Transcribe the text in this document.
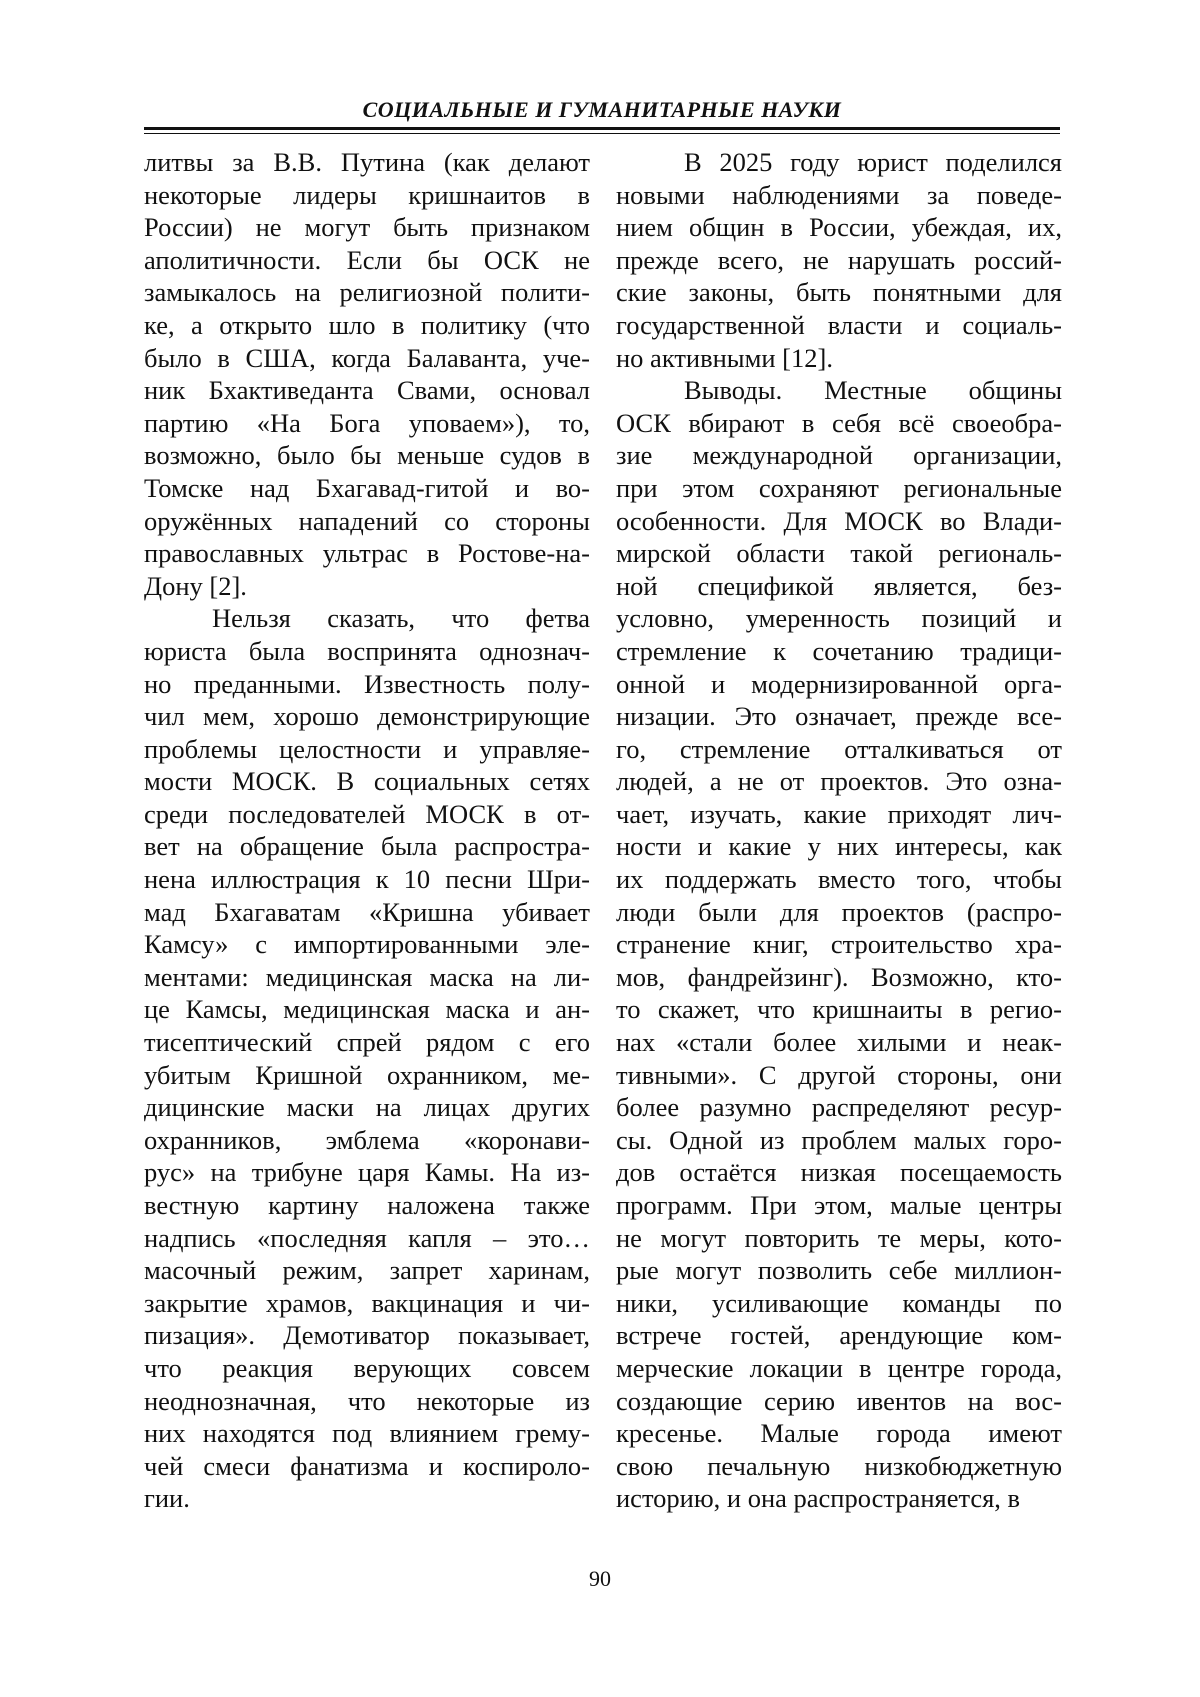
СОЦИАЛЬНЫЕ И ГУМАНИТАРНЫЕ НАУКИ
литвы за В.В. Путина (как делают
некоторые лидеры кришнаитов в
России) не могут быть признаком
аполитичности. Если бы ОСК не
замыкалось на религиозной полити-
ке, а открыто шло в политику (что
было в США, когда Балаванта, уче-
ник Бхактиведанта Свами, основал
партию «На Бога уповаем»), то,
возможно, было бы меньше судов в
Томске над Бхагавад-гитой и во-
оружённых нападений со стороны
православных ультрас в Ростове-на-
Дону [2].
Нельзя сказать, что фетва
юриста была воспринята однознач-
но преданными. Известность полу-
чил мем, хорошо демонстрирующие
проблемы целостности и управляе-
мости МОСК. В социальных сетях
среди последователей МОСК в от-
вет на обращение была распростра-
нена иллюстрация к 10 песни Шри-
мад Бхагаватам «Кришна убивает
Камсу» с импортированными эле-
ментами: медицинская маска на ли-
це Камсы, медицинская маска и ан-
тисептический спрей рядом с его
убитым Кришной охранником, ме-
дицинские маски на лицах других
охранников, эмблема «коронави-
рус» на трибуне царя Камы. На из-
вестную картину наложена также
надпись «последняя капля – это…
масочный режим, запрет харинам,
закрытие храмов, вакцинация и чи-
пизация». Демотиватор показывает,
что реакция верующих совсем
неоднозначная, что некоторые из
них находятся под влиянием грему-
чей смеси фанатизма и коспироло-
гии.
В 2025 году юрист поделился
новыми наблюдениями за поведе-
нием общин в России, убеждая, их,
прежде всего, не нарушать россий-
ские законы, быть понятными для
государственной власти и социаль-
но активными [12].
Выводы. Местные общины
ОСК вбирают в себя всё своеобра-
зие международной организации,
при этом сохраняют региональные
особенности. Для МОСК во Влади-
мирской области такой региональ-
ной спецификой является, без-
условно, умеренность позиций и
стремление к сочетанию традици-
онной и модернизированной орга-
низации. Это означает, прежде все-
го, стремление отталкиваться от
людей, а не от проектов. Это озна-
чает, изучать, какие приходят лич-
ности и какие у них интересы, как
их поддержать вместо того, чтобы
люди были для проектов (распро-
странение книг, строительство хра-
мов, фандрейзинг). Возможно, кто-
то скажет, что кришнаиты в регио-
нах «стали более хилыми и неак-
тивными». С другой стороны, они
более разумно распределяют ресур-
сы. Одной из проблем малых горо-
дов остаётся низкая посещаемость
программ. При этом, малые центры
не могут повторить те меры, кото-
рые могут позволить себе миллион-
ники, усиливающие команды по
встрече гостей, арендующие ком-
мерческие локации в центре города,
создающие серию ивентов на вос-
кресенье. Малые города имеют
свою печальную низкобюджетную
историю, и она распространяется, в
90
